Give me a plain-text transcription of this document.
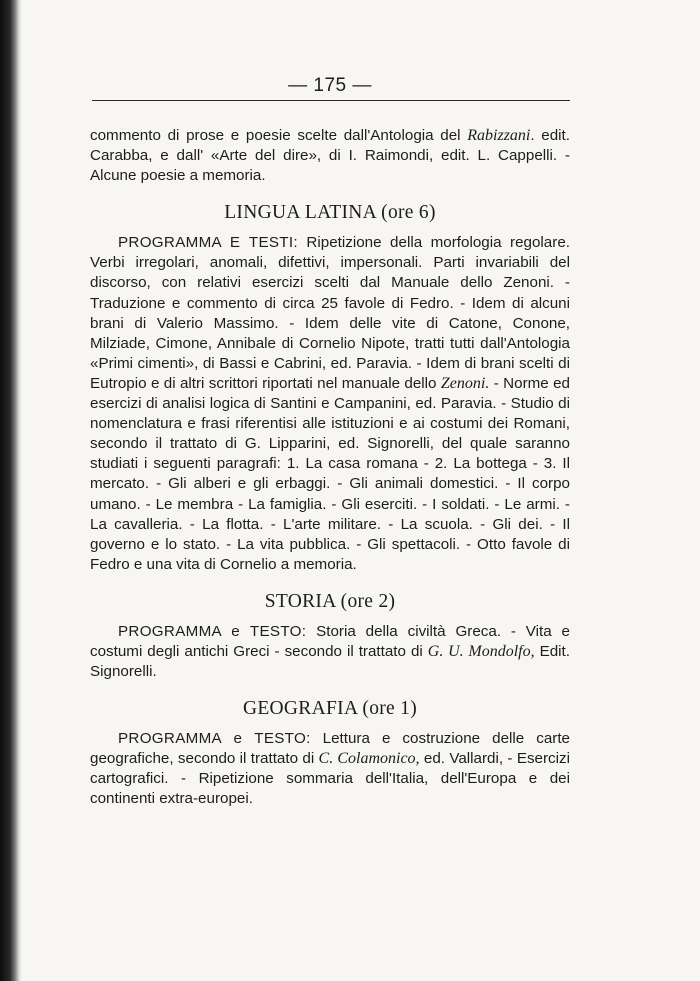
— 175 —

commento di prose e poesie scelte dall'Antologia del Rabizzani. edit. Carabba, e dall' «Arte del dire», di I. Raimondi, edit. L. Cappelli. - Alcune poesie a memoria.

LINGUA LATINA (ore 6)

PROGRAMMA E TESTI: Ripetizione della morfologia regolare. Verbi irregolari, anomali, difettivi, impersonali. Parti invariabili del discorso, con relativi esercizi scelti dal Manuale dello Zenoni. - Traduzione e commento di circa 25 favole di Fedro. - Idem di alcuni brani di Valerio Massimo. - Idem delle vite di Catone, Conone, Milziade, Cimone, Annibale di Cornelio Nipote, tratti tutti dall'Antologia «Primi cimenti», di Bassi e Cabrini, ed. Paravia. - Idem di brani scelti di Eutropio e di altri scrittori riportati nel manuale dello Zenoni. - Norme ed esercizi di analisi logica di Santini e Campanini, ed. Paravia. - Studio di nomenclatura e frasi riferentisi alle istituzioni e ai costumi dei Romani, secondo il trattato di G. Lipparini, ed. Signorelli, del quale saranno studiati i seguenti paragrafi: 1. La casa romana - 2. La bottega - 3. Il mercato. - Gli alberi e gli erbaggi. - Gli animali domestici. - Il corpo umano. - Le membra - La famiglia. - Gli eserciti. - I soldati. - Le armi. - La cavalleria. - La flotta. - L'arte militare. - La scuola. - Gli dei. - Il governo e lo stato. - La vita pubblica. - Gli spettacoli. - Otto favole di Fedro e una vita di Cornelio a memoria.

STORIA (ore 2)

PROGRAMMA e TESTO: Storia della civiltà Greca. - Vita e costumi degli antichi Greci - secondo il trattato di G. U. Mondolfo, Edit. Signorelli.

GEOGRAFIA (ore 1)

PROGRAMMA e TESTO: Lettura e costruzione delle carte geografiche, secondo il trattato di C. Colamonico, ed. Vallardi, - Esercizi cartografici. - Ripetizione sommaria dell'Italia, dell'Europa e dei continenti extra-europei.
